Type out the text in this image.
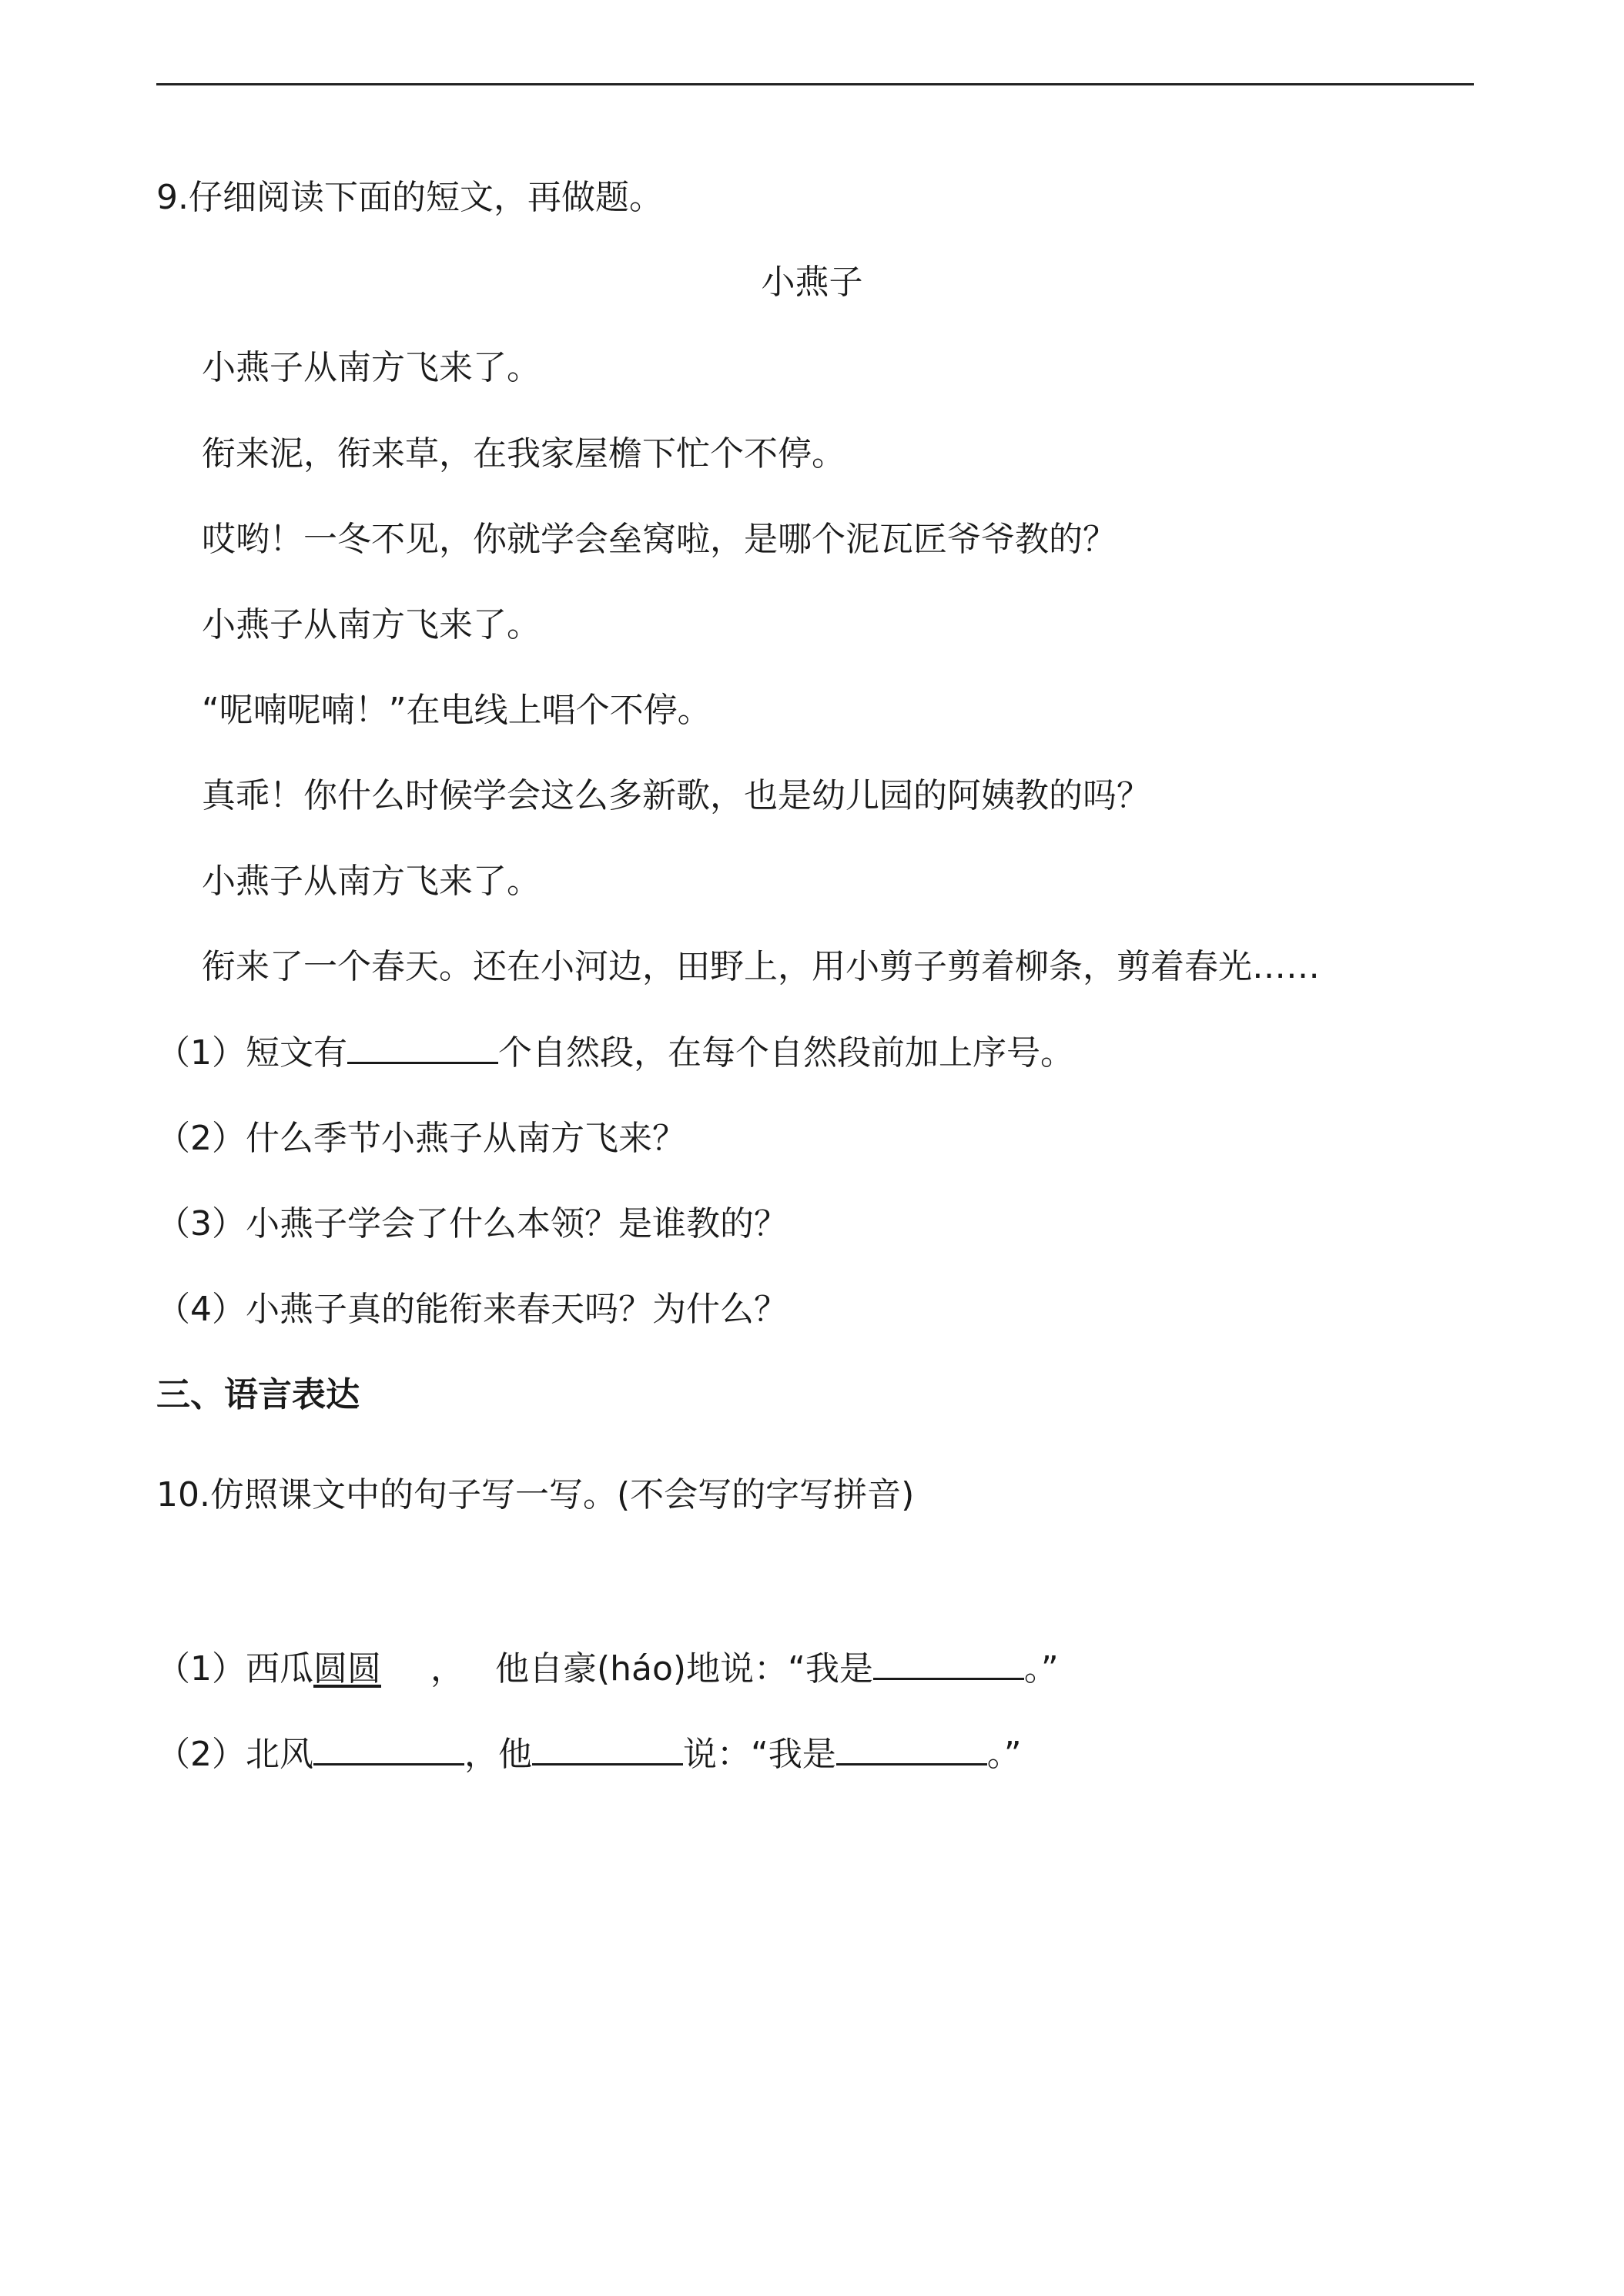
9.仔细阅读下面的短文，再做题。
小燕子
小燕子从南方飞来了。
衔来泥，衔来草，在我家屋檐下忙个不停。
哎哟！一冬不见，你就学会垒窝啦，是哪个泥瓦匠爷爷教的？
小燕子从南方飞来了。
“呢喃呢喃！”在电线上唱个不停。
真乖！你什么时候学会这么多新歌，也是幼儿园的阿姨教的吗？
小燕子从南方飞来了。
衔来了一个春天。还在小河边，田野上，用小剪子剪着柳条，剪着春光……
（1）短文有	个自然段，在每个自然段前加上序号。
（2）什么季节小燕子从南方飞来？
（3）小燕子学会了什么本领？是谁教的？
（4）小燕子真的能衔来春天吗？为什么？
三、语言表达
10.仿照课文中的句子写一写。(不会写的字写拼音)
（1）西瓜圆圆 ， 他自豪(háo)地说：“我是	。”
（2）北风	，他	说：“我是	。”
